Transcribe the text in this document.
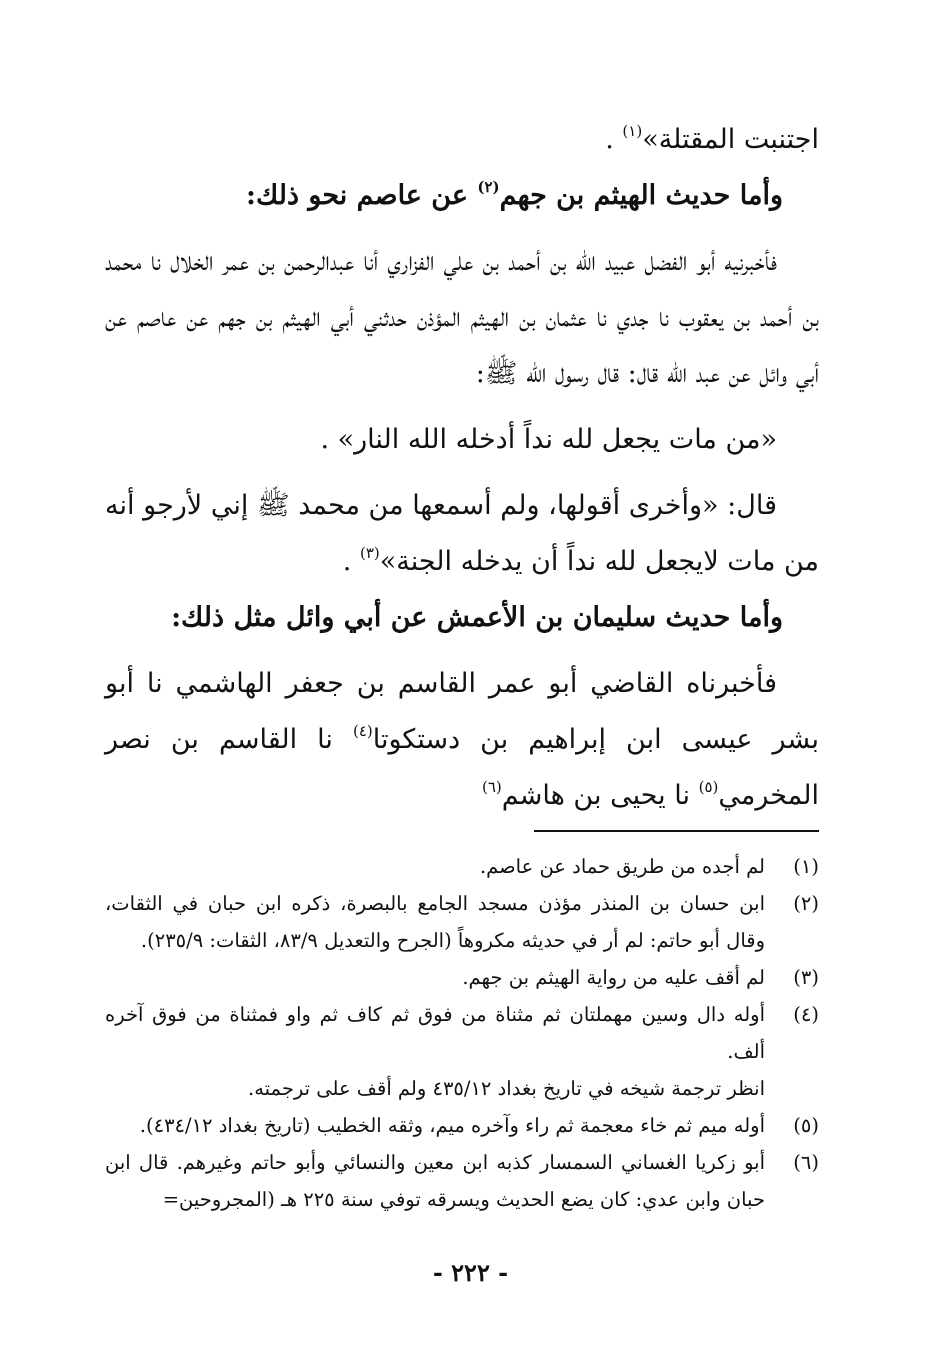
اجتنبت المقتلة»$^{(١)}$ .

وأما حديث الهيثم بن جهم$^{(٢)}$ عن عاصم نحو ذلك:

فأخبرنيه أبو الفضل عبيد الله بن أحمد بن علي الفزاري أنا عبدالرحمن بن عمر الخلال نا محمد بن أحمد بن يعقوب نا جدي نا عثمان بن الهيثم المؤذن حدثني أبي الهيثم بن جهم عن عاصم عن أبي وائل عن عبد الله قال: قال رسول الله ﷺ:

«من مات يجعل لله نداً أدخله الله النار» .

قال: «وأخرى أقولها، ولم أسمعها من محمد ﷺ إني لأرجو أنه من مات لايجعل لله نداً أن يدخله الجنة»$^{(٣)}$ .

وأما حديث سليمان بن الأعمش عن أبي وائل مثل ذلك:

فأخبرناه القاضي أبو عمر القاسم بن جعفر الهاشمي نا أبو بشر عيسى ابن إبراهيم بن دستكوتا$^{(٤)}$ نا القاسم بن نصر المخرمي$^{(٥)}$ نا يحيى بن هاشم$^{(٦)}$

(١)
لم أجده من طريق حماد عن عاصم.

(٢)
ابن حسان بن المنذر مؤذن مسجد الجامع بالبصرة، ذكره ابن حبان في الثقات، وقال أبو حاتم: لم أر في حديثه مكروهاً (الجرح والتعديل ٨٣/٩، الثقات: ٢٣٥/٩).

(٣)
لم أقف عليه من رواية الهيثم بن جهم.

(٤)
أوله دال وسين مهملتان ثم مثناة من فوق ثم كاف ثم واو فمثناة من فوق آخره ألف.

انظر ترجمة شيخه في تاريخ بغداد ٤٣٥/١٢ ولم أقف على ترجمته.

(٥)
أوله ميم ثم خاء معجمة ثم راء وآخره ميم، وثقه الخطيب (تاريخ بغداد ٤٣٤/١٢).

(٦)
أبو زكريا الغساني السمسار كذبه ابن معين والنسائي وأبو حاتم وغيرهم. قال ابن حبان وابن عدي: كان يضع الحديث ويسرقه توفي سنة ٢٢٥ هـ (المجروحين=

- ٢٢٢ -
